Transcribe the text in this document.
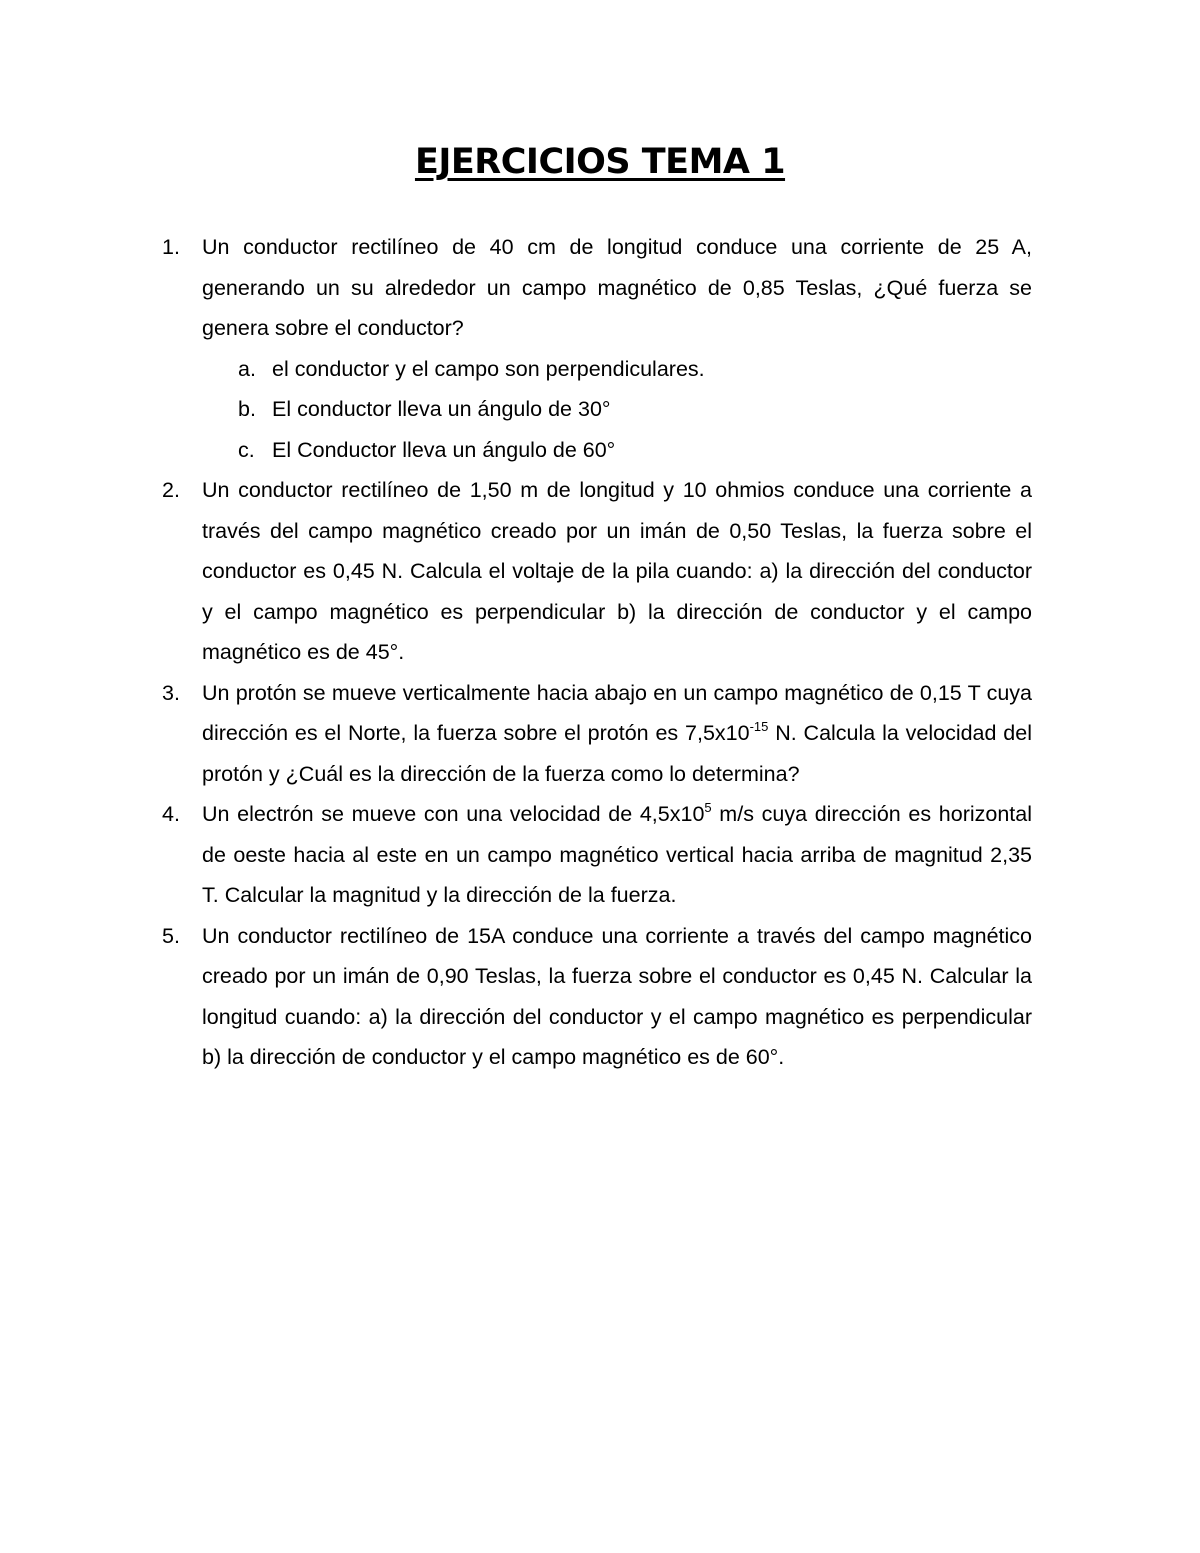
EJERCICIOS TEMA 1
1.	Un conductor rectilíneo de 40 cm de longitud conduce una corriente de 25 A, generando un su alrededor un campo magnético de 0,85 Teslas, ¿Qué fuerza se genera sobre el conductor?
a. el conductor y el campo son perpendiculares.
b. El conductor lleva un ángulo de 30°
c. El Conductor lleva un ángulo de 60°
2.	Un conductor rectilíneo de 1,50 m de longitud y 10 ohmios conduce una corriente a través del campo magnético creado por un imán de 0,50 Teslas, la fuerza sobre el conductor es 0,45 N. Calcula el voltaje de la pila cuando: a) la dirección del conductor y el campo magnético es perpendicular b) la dirección de conductor y el campo magnético es de 45°.
3.	Un protón se mueve verticalmente hacia abajo en un campo magnético de 0,15 T cuya dirección es el Norte, la fuerza sobre el protón es $7,5x10^{-15}$ N. Calcula la velocidad del protón y ¿Cuál es la dirección de la fuerza como lo determina?
4.	Un electrón se mueve con una velocidad de $4,5x10^5$ m/s cuya dirección es horizontal de oeste hacia al este en un campo magnético vertical hacia arriba de magnitud 2,35 T. Calcular la magnitud y la dirección de la fuerza.
5.	Un conductor rectilíneo de 15A conduce una corriente a través del campo magnético creado por un imán de 0,90 Teslas, la fuerza sobre el conductor es 0,45 N. Calcular la longitud cuando: a) la dirección del conductor y el campo magnético es perpendicular b) la dirección de conductor y el campo magnético es de 60°.
